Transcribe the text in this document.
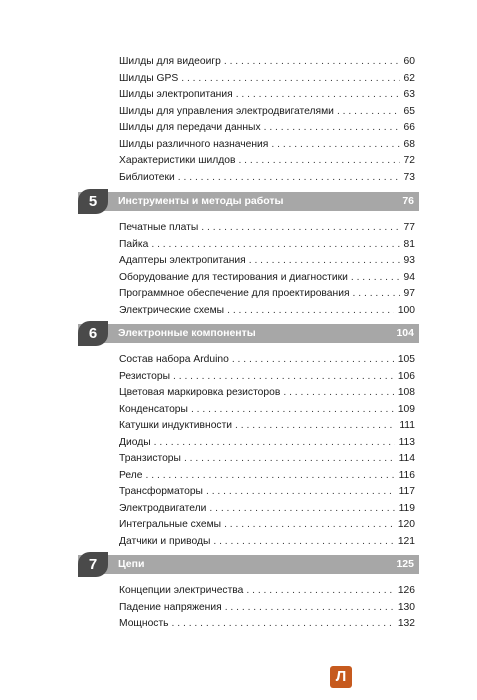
Шилды для видеоигр . . .	60
Шилды GPS . . .	62
Шилды электропитания . . .	63
Шилды для управления электродвигателями . . .	65
Шилды для передачи данных . . .	66
Шилды различного назначения . . .	68
Характеристики шилдов . . .	72
Библиотеки . . .	73
5	Инструменты и методы работы	76
Печатные платы . . .	77
Пайка . . .	81
Адаптеры электропитания . . .	93
Оборудование для тестирования и диагностики . . .	94
Программное обеспечение для проектирования . . .	97
Электрические схемы . . .	100
6	Электронные компоненты	104
Состав набора Arduino . . .	105
Резисторы . . .	106
Цветовая маркировка резисторов . . .	108
Конденсаторы . . .	109
Катушки индуктивности . . .	111
Диоды . . .	113
Транзисторы . . .	114
Реле . . .	116
Трансформаторы . . .	117
Электродвигатели . . .	119
Интегральные схемы . . .	120
Датчики и приводы . . .	121
7	Цепи	125
Концепции электричества . . .	126
Падение напряжения . . .	130
Мощность . . .	132
Л
